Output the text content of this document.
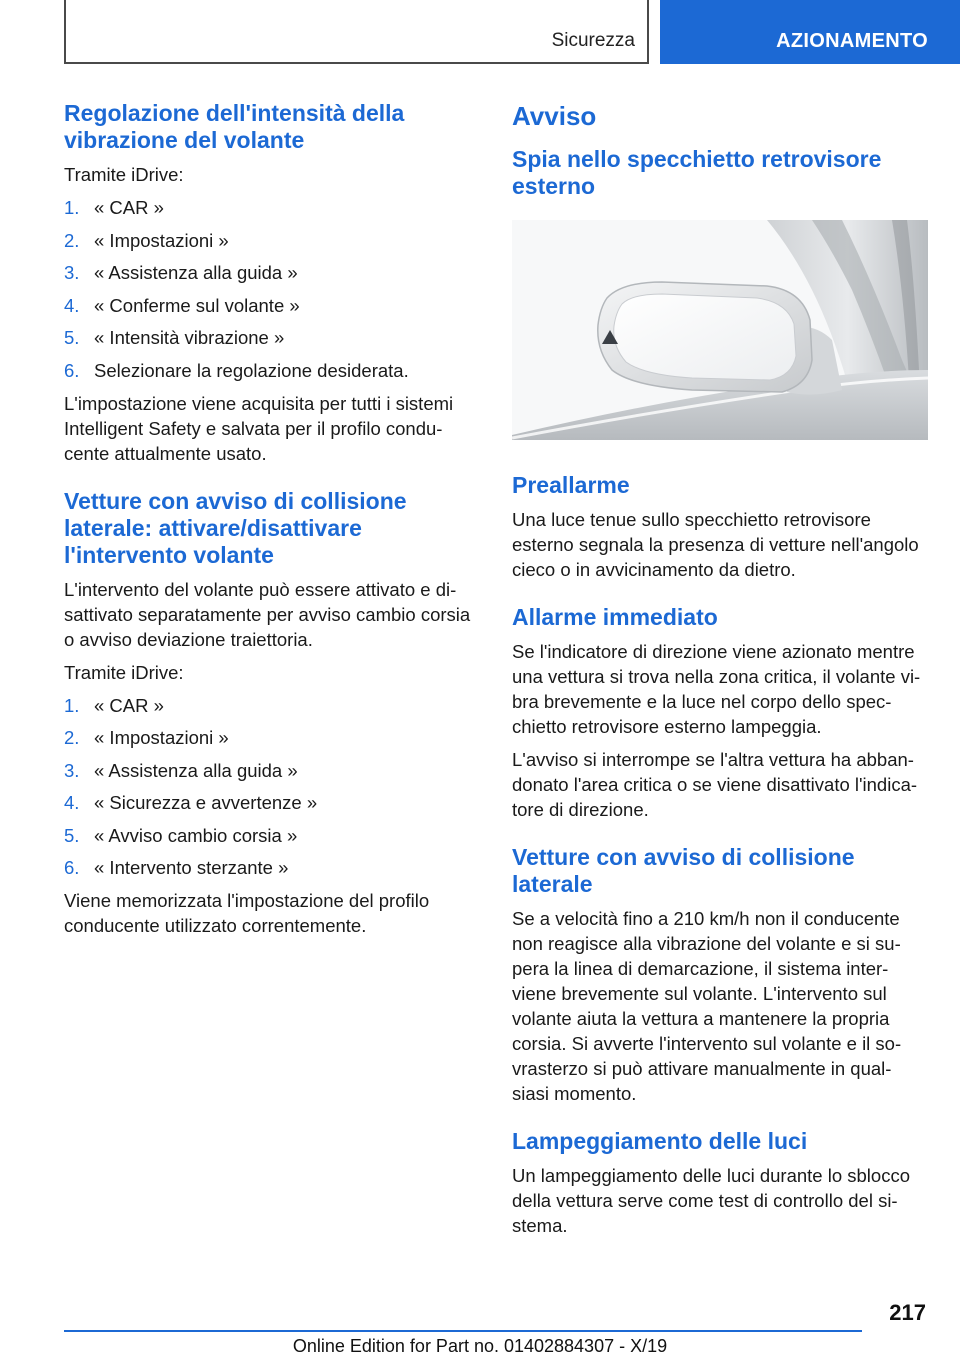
Sicurezza	AZIONAMENTO
Regolazione dell'intensità della vibrazione del volante

Tramite iDrive:

1. « CAR »
2. « Impostazioni »
3. « Assistenza alla guida »
4. « Conferme sul volante »
5. « Intensità vibrazione »
6. Selezionare la regolazione desiderata.

L'impostazione viene acquisita per tutti i sistemi Intelligent Safety e salvata per il profilo condu-cente attualmente usato.

Vetture con avviso di collisione laterale: attivare/disattivare l'intervento volante

L'intervento del volante può essere attivato e di-sattivato separatamente per avviso cambio corsia o avviso deviazione traiettoria.

Tramite iDrive:

1. « CAR »
2. « Impostazioni »
3. « Assistenza alla guida »
4. « Sicurezza e avvertenze »
5. « Avviso cambio corsia »
6. « Intervento sterzante »

Viene memorizzata l'impostazione del profilo conducente utilizzato correntemente.

Avviso
Spia nello specchietto retrovisore esterno
Preallarme

Una luce tenue sullo specchietto retrovisore esterno segnala la presenza di vetture nell'angolo cieco o in avvicinamento da dietro.

Allarme immediato

Se l'indicatore di direzione viene azionato mentre una vettura si trova nella zona critica, il volante vi-bra brevemente e la luce nel corpo dello spec-chietto retrovisore esterno lampeggia.

L'avviso si interrompe se l'altra vettura ha abban-donato l'area critica o se viene disattivato l'indica-tore di direzione.

Vetture con avviso di collisione laterale

Se a velocità fino a 210 km/h non il conducente non reagisce alla vibrazione del volante e si su-pera la linea di demarcazione, il sistema inter-viene brevemente sul volante. L'intervento sul volante aiuta la vettura a mantenere la propria corsia. Si avverte l'intervento sul volante e il so-vrasterzo si può attivare manualmente in qual-siasi momento.

Lampeggiamento delle luci

Un lampeggiamento delle luci durante lo sblocco della vettura serve come test di controllo del si-stema.

217
Online Edition for Part no. 01402884307 - X/19
